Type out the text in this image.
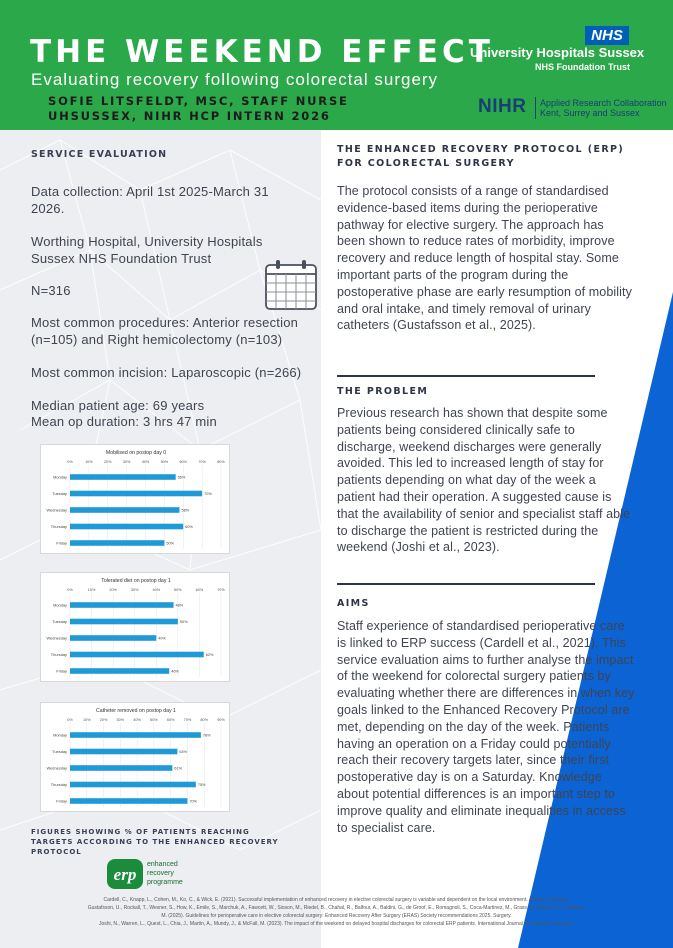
THE WEEKEND EFFECT
Evaluating recovery following colorectal surgery
SOFIE LITSFELDT, MSC, STAFF NURSE
UHSUSSEX, NIHR HCP INTERN 2026
NHS
University Hospitals Sussex
NHS Foundation Trust
NIHR Applied Research Collaboration
Kent, Surrey and Sussex
SERVICE EVALUATION
Data collection: April 1st 2025-March 31
2026.
Worthing Hospital, University Hospitals
Sussex NHS Foundation Trust
N=316
Most common procedures: Anterior resection
(n=105) and Right hemicolectomy (n=103)
Most common incision: Laparoscopic (n=266)
Median patient age: 69 years
Mean op duration: 3 hrs 47 min
Mobilised on postop day 0
0%	10%	20%	30%	40%	50%	60%	70%	80%
Monday	56%
Tuesday	70%
Wednesday	58%
Thursday	60%
Friday	50%
Tolerated diet on postop day 1
0%	10%	20%	30%	40%	50%	60%	70%
Monday	48%
Tuesday	50%
Wednesday	40%
Thursday	62%
Friday	46%
Catheter removed on postop day 1
0%	10% 20% 30% 40% 50% 60% 70% 80% 90%
Monday	78%
Tuesday	64%
Wednesday	61%
Thursday	75%
Friday	70%
FIGURES SHOWING % OF PATIENTS REACHING
TARGETS ACCORDING TO THE ENHANCED RECOVERY
PROTOCOL
erp
enhanced
recovery
programme
THE ENHANCED RECOVERY PROTOCOL (ERP)
FOR COLORECTAL SURGERY
The protocol consists of a range of standardised evidence-based items during the perioperative pathway for elective surgery. The approach has been shown to reduce rates of morbidity, improve recovery and reduce length of hospital stay. Some important parts of the program during the postoperative phase are early resumption of mobility and oral intake, and timely removal of urinary catheters (Gustafsson et al., 2025).
THE PROBLEM
Previous research has shown that despite some patients being considered clinically safe to discharge, weekend discharges were generally avoided. This led to increased length of stay for patients depending on what day of the week a patient had their operation. A suggested cause is that the availability of senior and specialist staff able to discharge the patient is restricted during the weekend (Joshi et al., 2023).
AIMS
Staff experience of standardised perioperative care is linked to ERP success (Cardell et al., 2021). This service evaluation aims to further analyse the impact of the weekend for colorectal surgery patients by evaluating whether there are differences in when key goals linked to the Enhanced Recovery Protocol are met, depending on the day of the week. Patients having an operation on a Friday could potentially reach their recovery targets later, since their first postoperative day is on a Saturday. Knowledge about potential differences is an important step to improve quality and eliminate inequalities in access to specialist care.
Cardell, C., Knapp, L., Cohen, M., Ko, C., & Wick, E. (2021). Successful implementation of enhanced recovery in elective colorectal surgery is variable and dependent on the local environment. Annals of Surgery.
Gustafsson, U., Rockall, T., Wexner, S., How, K., Emile, S., Marchuk, A., Fawcett, W., Sioson, M., Riedel, B., Chahal, R., Balfour, A., Baldini, G., de Groof, E., Romagnoli, S., Coca-Martinez, M., Grass, F., Brindle, M., & Hübner,
M. (2025). Guidelines for perioperative care in elective colorectal surgery: Enhanced Recovery After Surgery (ERAS) Society recommendations 2025. Surgery.
Joshi, N., Warren, L., Quest, L., Chia, J., Martin, A., Mundy, J., & McFall, M. (2023). The impact of the weekend on delayed hospital discharges for colorectal ERP patients. International Journal of Scientific Research.
